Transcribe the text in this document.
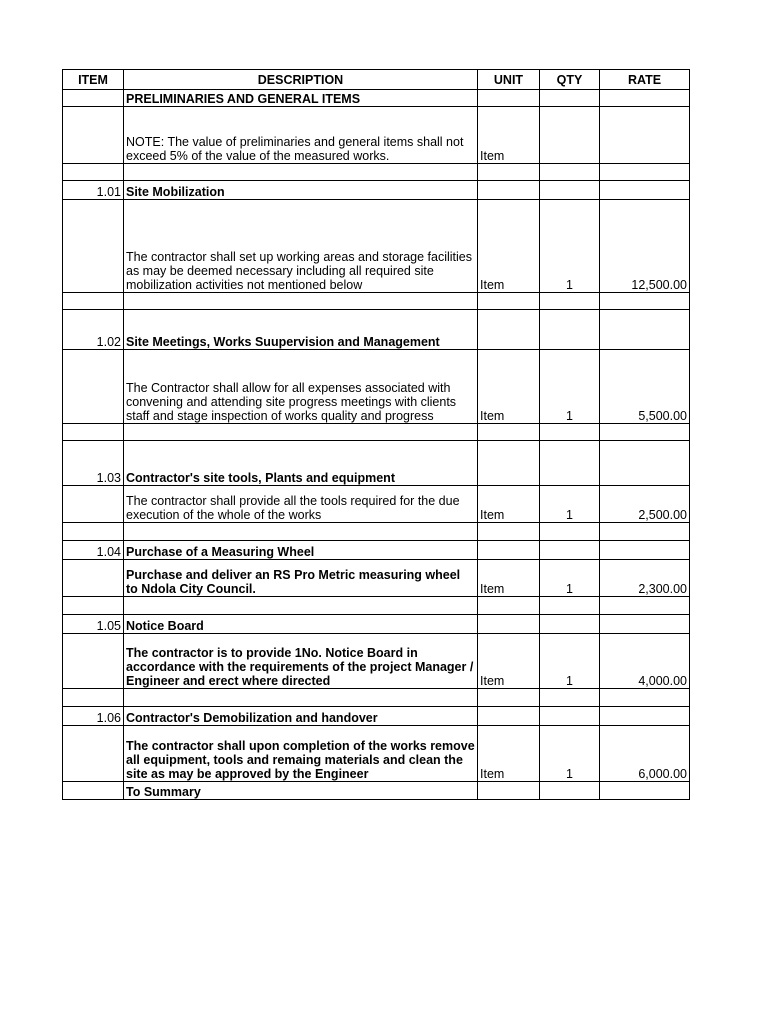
ITEM	DESCRIPTION	UNIT	QTY	RATE
	PRELIMINARIES AND GENERAL ITEMS			
	NOTE: The value of preliminaries and general items shall not exceed 5% of the value of the measured works.	Item		

1.01	Site Mobilization			
	The contractor shall set up working areas and storage facilities as may be deemed necessary including all required site mobilization activities not mentioned below	Item	1	12,500.00

1.02	Site Meetings, Works Suupervision and Management			
	The Contractor shall allow for all expenses associated with convening and attending site progress meetings with clients staff and stage inspection of works quality and progress	Item	1	5,500.00

1.03	Contractor's site tools, Plants and equipment			
	The contractor shall provide all the tools required for the due execution of the whole of the works	Item	1	2,500.00

1.04	Purchase of a Measuring Wheel			
	Purchase and deliver an RS Pro Metric measuring wheel to Ndola City Council.	Item	1	2,300.00

1.05	Notice Board			
	The contractor is to provide 1No. Notice Board in accordance with the requirements of the project Manager / Engineer and erect where directed	Item	1	4,000.00

1.06	Contractor's Demobilization and handover			
	The contractor shall upon completion of the works remove all equipment, tools and remaing materials and clean the site as may be approved by the Engineer	Item	1	6,000.00
	To Summary			
